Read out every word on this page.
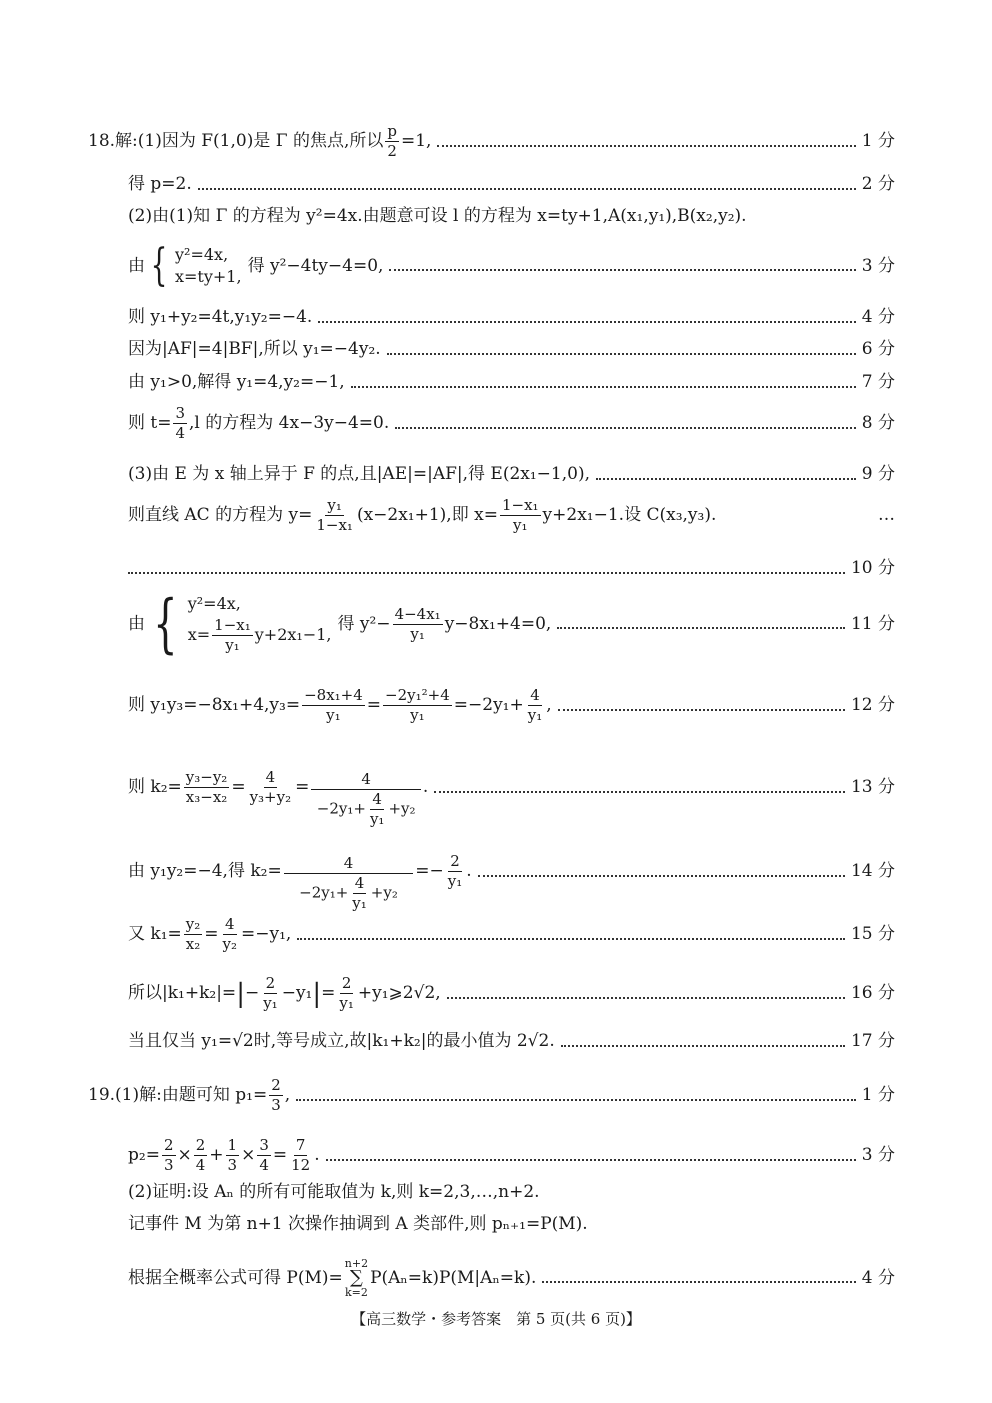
18. 解:(1)因为 F(1,0)是 Γ 的焦点,所以 $\frac{p}{2} =1$,	1 分
得 p=2.	2 分
(2)由(1)知 Γ 的方程为 y²=4x.由题意可设 l 的方程为 x=ty+1,A(x₁,y₁),B(x₂,y₂).
由 { y²=4x,
x=ty+1,
得 y²−4ty−4=0,	3 分
则 y₁+y₂=4t,y₁y₂=−4.	4 分
因为|AF|=4|BF|,所以 y₁=−4y₂.	6 分
由 y₁>0,解得 y₁=4,y₂=−1,	7 分
则 $t= \frac{3}{4} ,l$ 的方程为 4x−3y−4=0.	8 分
(3)由 E 为 x 轴上异于 F 的点,且|AE|=|AF|,得 E(2x₁−1,0),	9 分
则直线 AC 的方程为 $y= \frac{\text{y₁}}{\text{1−x₁}} (x-2x_1+1)$,即 $x= \frac{\text{1−x₁}}{\text{y₁}} y+2x_1-1$.设 C(x₃,y₃).	…
10 分
由 { y²=4x,
$x= \frac{\text{1−x₁}}{\text{y₁}} y+2x_1-1$,
得 $y^2- \frac{\text{4−4x₁}}{\text{y₁}} y-8x_1+4=0$,	11 分
则 $y_1y_3=-8x_1+4,y_3= \frac{\text{−8x₁+4}}{\text{y₁}} = \frac{\text{−2y₁²+4}}{\text{y₁}} =-2y_1+ \frac{4}{\text{y₁}}$ ,	12 分
则 $k_2= \frac{\text{y₃−y₂}}{\text{x₃−x₂}} = \frac{4}{\text{y₃+y₂}} = \frac{4}{-2y_1+ \frac{4}{\text{y₁}} +y_2}$ .	13 分
由 y₁y₂=−4,得 $k_2= \frac{4}{-2y_1+ \frac{4}{\text{y₁}} +y_2} =- \frac{2}{\text{y₁}}$ .	14 分
又 $k_1= \frac{\text{y₂}}{\text{x₂}} = \frac{4}{\text{y₂}} =-y_1$,	15 分
所以|k₁+k₂|= | − $\frac{2}{\text{y₁}} -y_1$ | = $\frac{2}{\text{y₁}}$ +y₁⩾2√2,	16 分
当且仅当 y₁=√2时,等号成立,故|k₁+k₂|的最小值为 2√2.	17 分
19. (1)解:由题可知 $p_1= \frac{2}{3}$ ,	1 分
$p_2= \frac{2}{3} \times \frac{2}{4} + \frac{1}{3} \times \frac{3}{4} = \frac{7}{12}$ .	3 分
(2)证明:设 Aₙ 的所有可能取值为 k,则 k=2,3,…,n+2.
记事件 M 为第 n+1 次操作抽调到 A 类部件,则 pₙ₊₁=P(M).
根据全概率公式可得 P(M)=
n+2
∑
k=2
P(Aₙ=k)P(M|Aₙ=k).	4 分
【高三数学・参考答案　第 5 页(共 6 页)】
